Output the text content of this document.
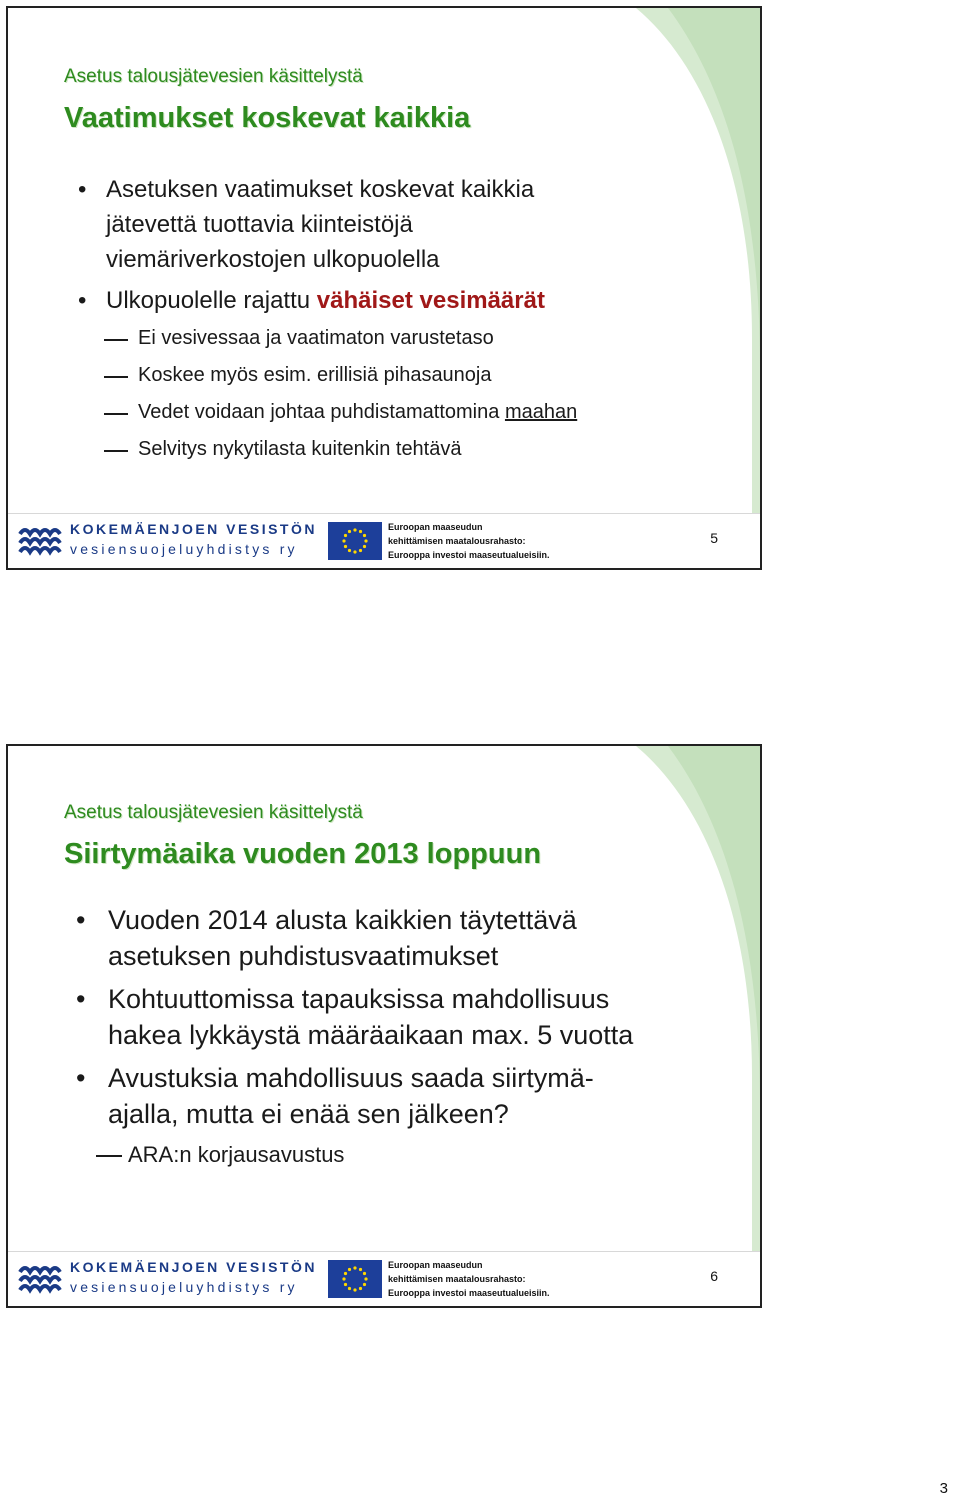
Asetus talousjätevesien käsittelystä
Vaatimukset koskevat kaikkia
• Asetuksen vaatimukset koskevat kaikkia
jätevettä tuottavia kiinteistöjä
viemäriverkostojen ulkopuolella
• Ulkopuolelle rajattu vähäiset vesimäärät
Ei vesivessaa ja vaatimaton varustetaso
Koskee myös esim. erillisiä pihasaunoja
Vedet voidaan johtaa puhdistamattomina maahan
Selvitys nykytilasta kuitenkin tehtävä
KOKEMÄENJOEN VESISTÖN
vesiensuojeluyhdistys ry
Euroopan maaseudun
kehittämisen maatalousrahasto:
Eurooppa investoi maaseutualueisiin.
5
Asetus talousjätevesien käsittelystä
Siirtymäaika vuoden 2013 loppuun
• Vuoden 2014 alusta kaikkien täytettävä
asetuksen puhdistusvaatimukset
• Kohtuuttomissa tapauksissa mahdollisuus
hakea lykkäystä määräaikaan max. 5 vuotta
• Avustuksia mahdollisuus saada siirtymä-
ajalla, mutta ei enää sen jälkeen?
ARA:n korjausavustus
KOKEMÄENJOEN VESISTÖN
vesiensuojeluyhdistys ry
Euroopan maaseudun
kehittämisen maatalousrahasto:
Eurooppa investoi maaseutualueisiin.
6
3
